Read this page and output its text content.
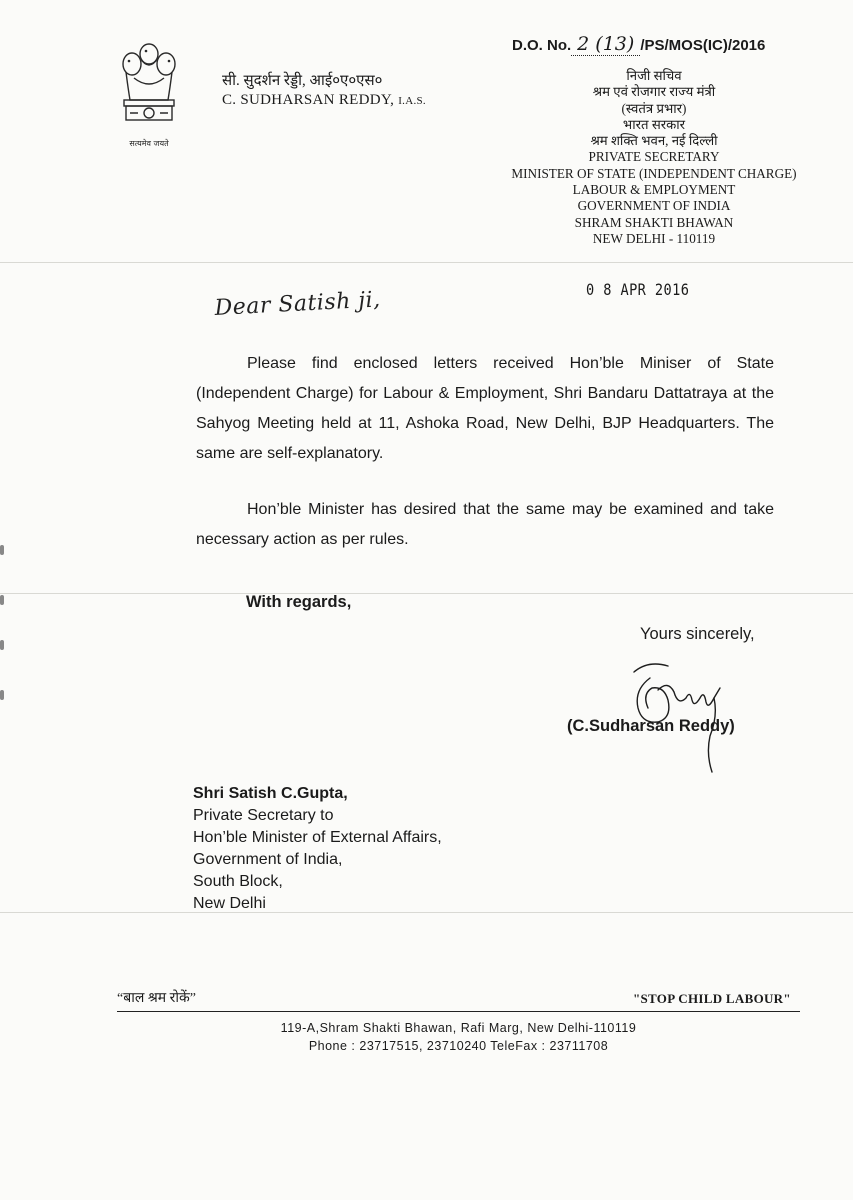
सत्यमेव जयते
सी. सुदर्शन रेड्डी, आई०ए०एस०
C. SUDHARSAN REDDY, I.A.S.
D.O. No. 2 (13) /PS/MOS(IC)/2016
निजी सचिव
श्रम एवं रोजगार राज्य मंत्री
(स्वतंत्र प्रभार)
भारत सरकार
श्रम शक्ति भवन, नई दिल्ली
PRIVATE SECRETARY
MINISTER OF STATE (INDEPENDENT CHARGE)
LABOUR & EMPLOYMENT
GOVERNMENT OF INDIA
SHRAM SHAKTI BHAWAN
NEW DELHI - 110119
0 8 APR 2016
Dear Satish ji,
Please find enclosed letters received Hon’ble Miniser of State (Independent Charge) for Labour & Employment, Shri Bandaru Dattatraya at the Sahyog Meeting held at 11, Ashoka Road, New Delhi, BJP Headquarters. The same are self-explanatory.
Hon’ble Minister has desired that the same may be examined and take necessary action as per rules.
With regards,
Yours sincerely,
(C.Sudharsan Reddy)
Shri Satish C.Gupta,
Private Secretary to
Hon’ble Minister of External Affairs,
Government of India,
South Block,
New Delhi
“बाल श्रम रोकें”	"STOP CHILD LABOUR"
119-A,Shram Shakti Bhawan, Rafi Marg, New Delhi-110119
Phone : 23717515, 23710240 TeleFax : 23711708
